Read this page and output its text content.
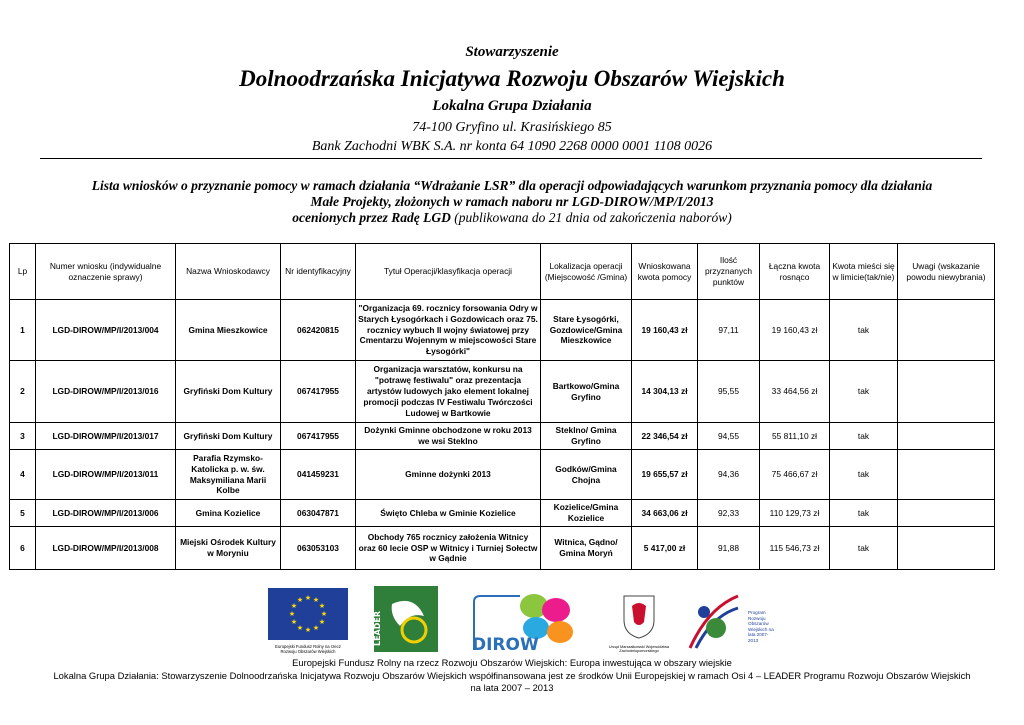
Stowarzyszenie
Dolnoodrzańska Inicjatywa Rozwoju Obszarów Wiejskich
Lokalna Grupa Działania
74-100 Gryfino ul. Krasińskiego 85
Bank Zachodni WBK S.A. nr konta 64 1090 2268 0000 0001 1108 0026
Lista wniosków o przyznanie pomocy w ramach działania “Wdrażanie LSR” dla operacji odpowiadających warunkom przyznania pomocy dla działania
Małe Projekty, złożonych w ramach naboru nr LGD-DIROW/MP/I/2013
ocenionych przez Radę LGD (publikowana do 21 dnia od zakończenia naborów)
Lp	Numer wniosku (indywidualne oznaczenie sprawy)	Nazwa Wnioskodawcy	Nr identyfikacyjny	Tytuł Operacji/klasyfikacja operacji	Lokalizacja operacji (Miejscowość /Gmina)	Wnioskowana kwota pomocy	Ilość przyznanych punktów	Łączna kwota rosnąco	Kwota mieści się w limicie(tak/nie)	Uwagi (wskazanie powodu niewybrania)
1	LGD-DIROW/MP/I/2013/004	Gmina Mieszkowice	062420815	"Organizacja 69. rocznicy forsowania Odry w Starych Łysogórkach i Gozdowicach oraz 75. rocznicy wybuch II wojny światowej przy Cmentarzu Wojennym w miejscowości Stare Łysogórki"	Stare Łysogórki, Gozdowice/Gmina Mieszkowice	19 160,43 zł	97,11	19 160,43 zł	tak	
2	LGD-DIROW/MP/I/2013/016	Gryfiński Dom Kultury	067417955	Organizacja warsztatów, konkursu na "potrawę festiwalu" oraz prezentacja artystów ludowych jako element lokalnej promocji podczas IV Festiwalu Twórczości Ludowej w Bartkowie	Bartkowo/Gmina Gryfino	14 304,13 zł	95,55	33 464,56 zł	tak	
3	LGD-DIROW/MP/I/2013/017	Gryfiński Dom Kultury	067417955	Dożynki Gminne obchodzone w roku 2013 we wsi Steklno	Steklno/ Gmina Gryfino	22 346,54 zł	94,55	55 811,10 zł	tak	
4	LGD-DIROW/MP/I/2013/011	Parafia Rzymsko-Katolicka p. w. św. Maksymiliana Marii Kolbe	041459231	Gminne dożynki 2013	Godków/Gmina Chojna	19 655,57 zł	94,36	75 466,67 zł	tak	
5	LGD-DIROW/MP/I/2013/006	Gmina Kozielice	063047871	Święto Chleba w Gminie Kozielice	Kozielice/Gmina Kozielice	34 663,06 zł	92,33	110 129,73 zł	tak	
6	LGD-DIROW/MP/I/2013/008	Miejski Ośrodek Kultury w Moryniu	063053103	Obchody 765 rocznicy założenia Witnicy oraz 60 lecie OSP w Witnicy i Turniej Sołectw w Gądnie	Witnica, Gądno/ Gmina Moryń	5 417,00 zł	91,88	115 546,73 zł	tak	
★ ★
★
★
★
★
★
★
★
★
★
★
Europejski Fundusz Rolny na rzecz Rozwoju Obszarów Wiejskich
LEADER	DIROW	Urząd Marszałkowski Województwa Zachodniopomorskiego
Program Rozwoju Obszarów Wiejskich na lata 2007-2013
Europejski Fundusz Rolny na rzecz Rozwoju Obszarów Wiejskich: Europa inwestująca w obszary wiejskie
Lokalna Grupa Działania: Stowarzyszenie Dolnoodrzańska Inicjatywa Rozwoju Obszarów Wiejskich współfinansowana jest ze środków Unii Europejskiej w ramach Osi 4 – LEADER Programu Rozwoju Obszarów Wiejskich
na lata 2007 – 2013
